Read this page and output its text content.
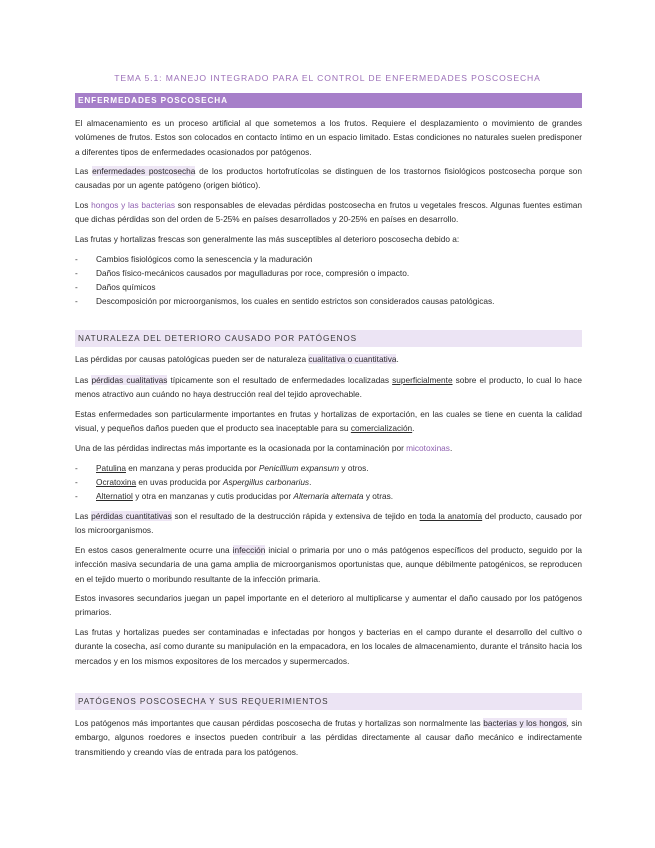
TEMA 5.1: MANEJO INTEGRADO PARA EL CONTROL DE ENFERMEDADES POSCOSECHA
ENFERMEDADES POSCOSECHA

El almacenamiento es un proceso artificial al que sometemos a los frutos. Requiere el desplazamiento o movimiento de grandes volúmenes de frutos. Estos son colocados en contacto íntimo en un espacio limitado. Estas condiciones no naturales suelen predisponer a diferentes tipos de enfermedades ocasionados por patógenos.

Las enfermedades postcosecha de los productos hortofrutícolas se distinguen de los trastornos fisiológicos postcosecha porque son causadas por un agente patógeno (origen biótico).

Los hongos y las bacterias son responsables de elevadas pérdidas postcosecha en frutos u vegetales frescos. Algunas fuentes estiman que dichas pérdidas son del orden de 5-25% en países desarrollados y 20-25% en países en desarrollo.

Las frutas y hortalizas frescas son generalmente las más susceptibles al deterioro poscosecha debido a:

- Cambios fisiológicos como la senescencia y la maduración
- Daños físico-mecánicos causados por magulladuras por roce, compresión o impacto.
- Daños químicos
- Descomposición por microorganismos, los cuales en sentido estrictos son considerados causas patológicas.
NATURALEZA DEL DETERIORO CAUSADO POR PATÓGENOS

Las pérdidas por causas patológicas pueden ser de naturaleza cualitativa o cuantitativa.

Las pérdidas cualitativas típicamente son el resultado de enfermedades localizadas superficialmente sobre el producto, lo cual lo hace menos atractivo aun cuándo no haya destrucción real del tejido aprovechable.

Estas enfermedades son particularmente importantes en frutas y hortalizas de exportación, en las cuales se tiene en cuenta la calidad visual, y pequeños daños pueden que el producto sea inaceptable para su comercialización.

Una de las pérdidas indirectas más importante es la ocasionada por la contaminación por micotoxinas.

- Patulina en manzana y peras producida por Penicillium expansum y otros.
- Ocratoxina en uvas producida por Aspergillus carbonarius.
- Alternatiol y otra en manzanas y cutis producidas por Alternaria alternata y otras.

Las pérdidas cuantitativas son el resultado de la destrucción rápida y extensiva de tejido en toda la anatomía del producto, causado por los microorganismos.

En estos casos generalmente ocurre una infección inicial o primaria por uno o más patógenos específicos del producto, seguido por la infección masiva secundaria de una gama amplia de microorganismos oportunistas que, aunque débilmente patogénicos, se reproducen en el tejido muerto o moribundo resultante de la infección primaria.

Estos invasores secundarios juegan un papel importante en el deterioro al multiplicarse y aumentar el daño causado por los patógenos primarios.

Las frutas y hortalizas puedes ser contaminadas e infectadas por hongos y bacterias en el campo durante el desarrollo del cultivo o durante la cosecha, así como durante su manipulación en la empacadora, en los locales de almacenamiento, durante el tránsito hacia los mercados y en los mismos expositores de los mercados y supermercados.

PATÓGENOS POSCOSECHA Y SUS REQUERIMIENTOS

Los patógenos más importantes que causan pérdidas poscosecha de frutas y hortalizas son normalmente las bacterias y los hongos, sin embargo, algunos roedores e insectos pueden contribuir a las pérdidas directamente al causar daño mecánico e indirectamente transmitiendo y creando vías de entrada para los patógenos.
